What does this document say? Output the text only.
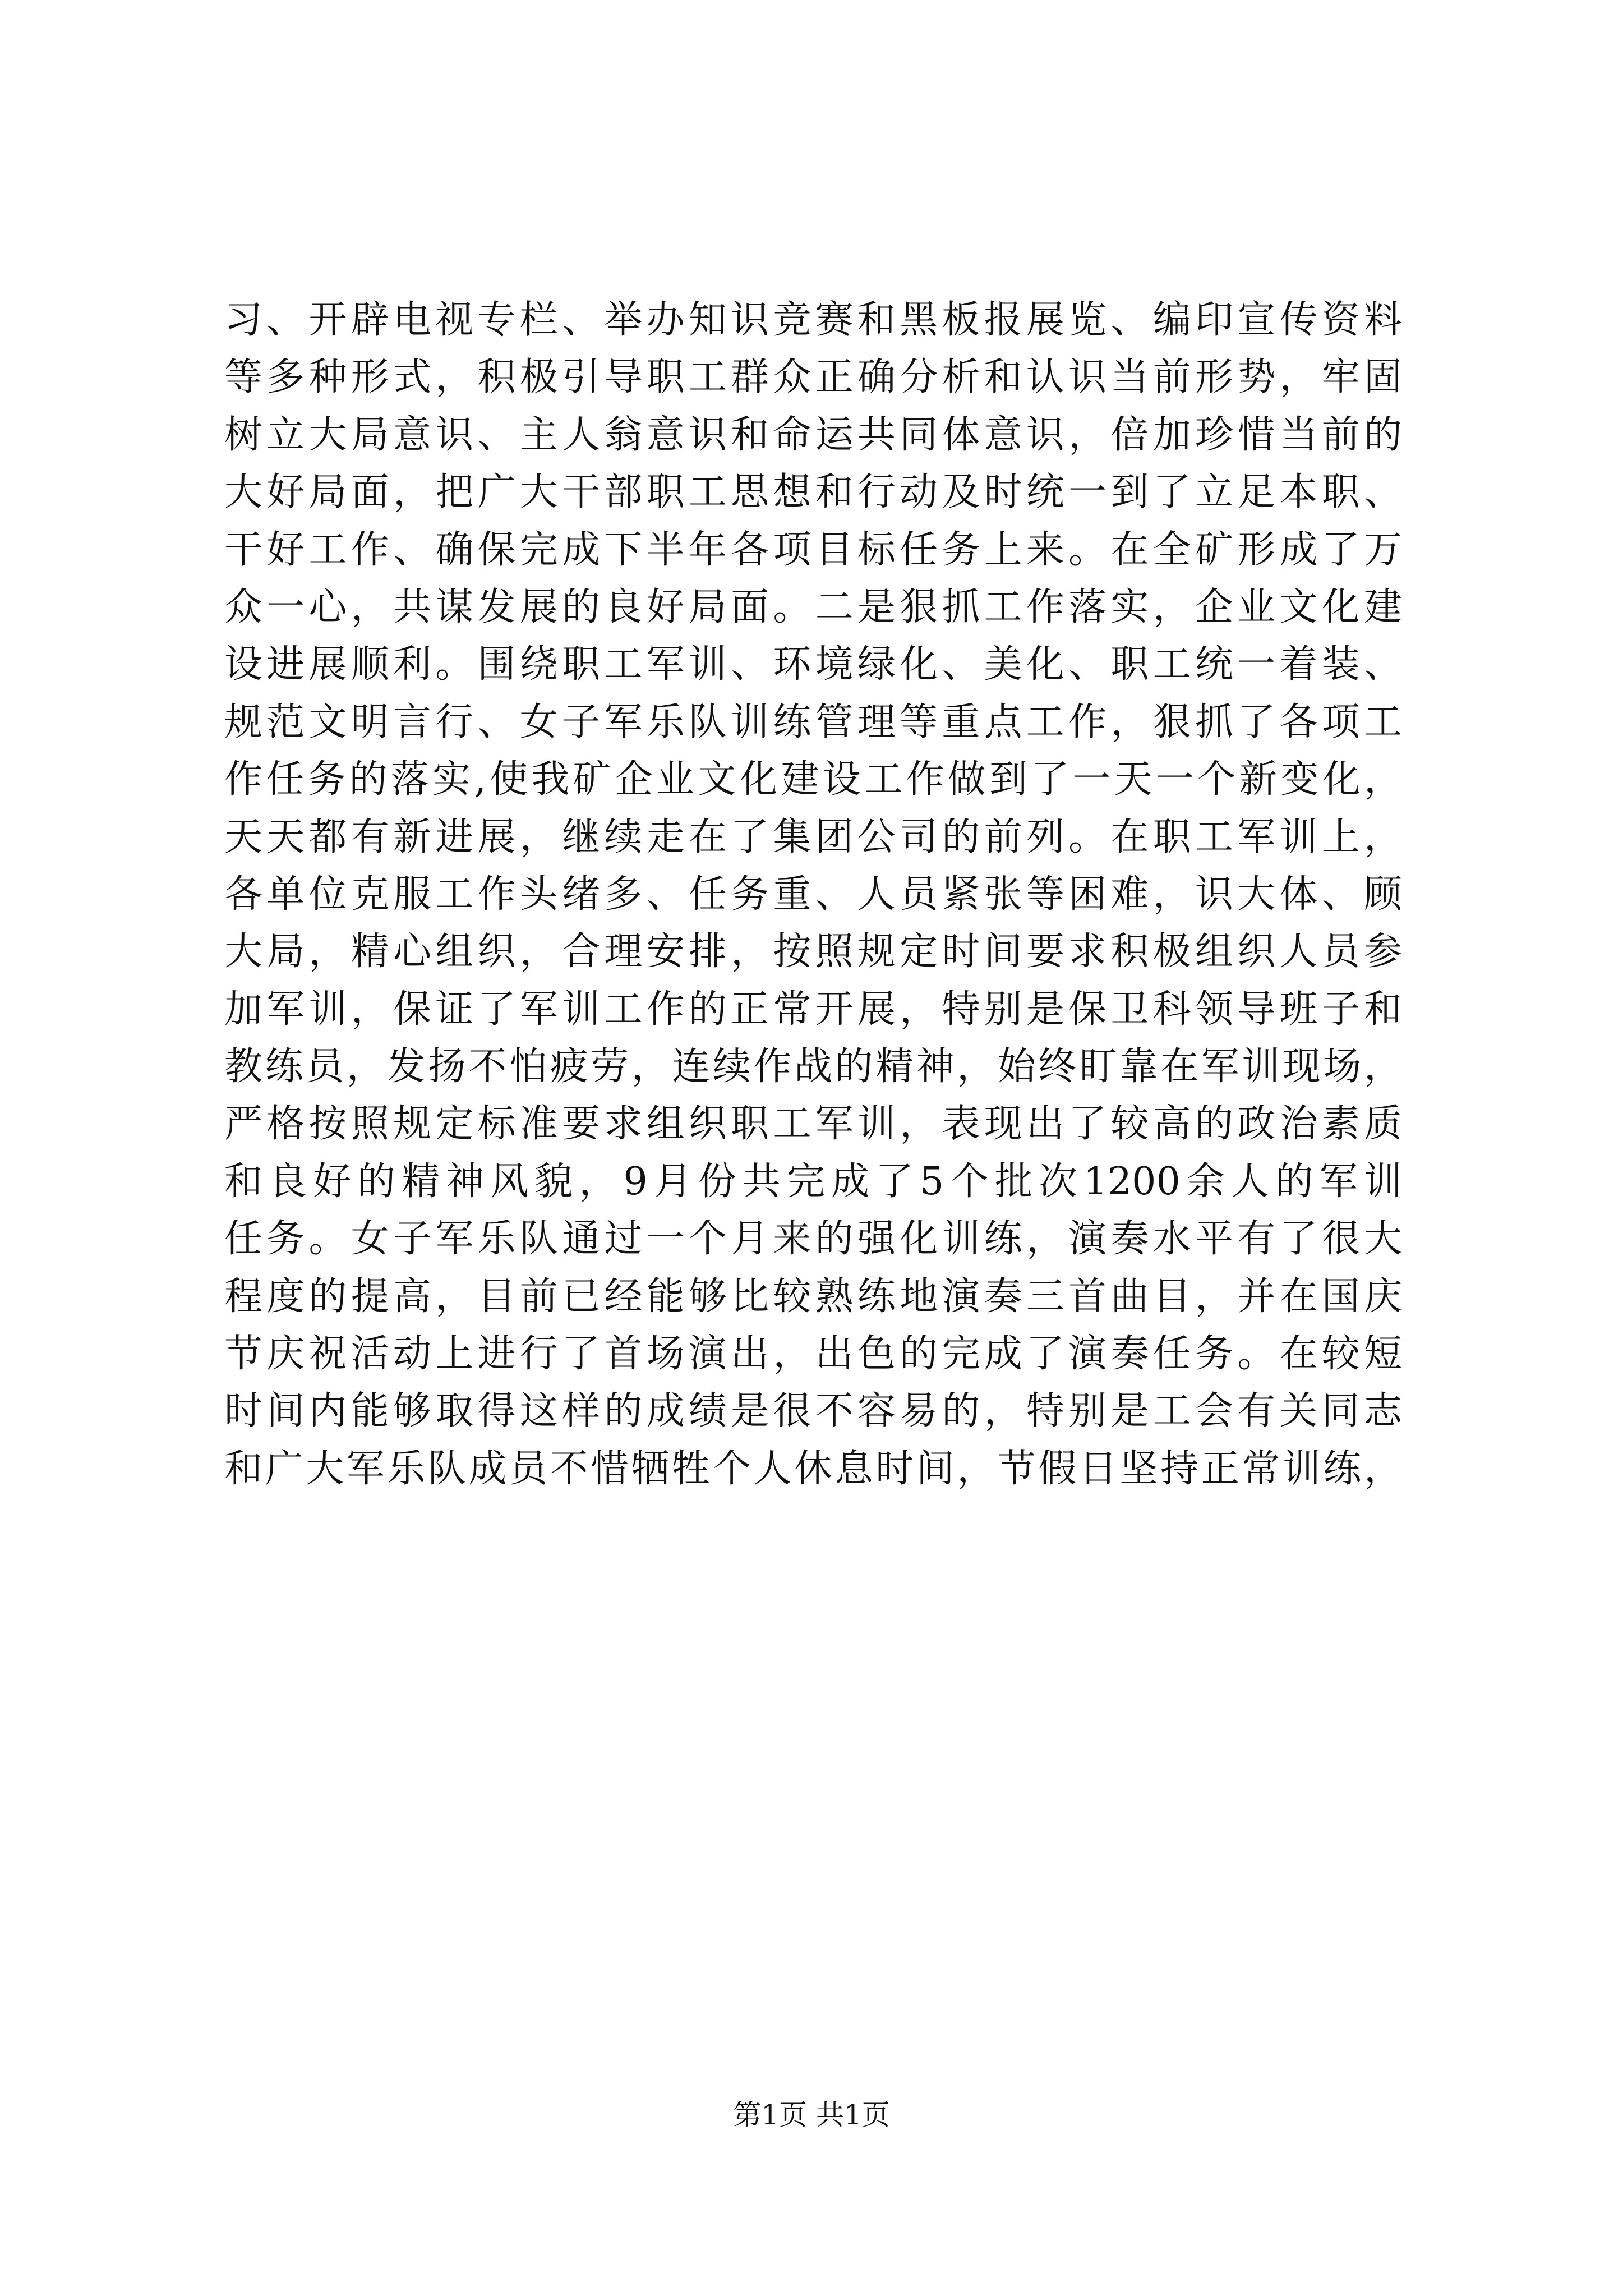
习、开辟电视专栏、举办知识竞赛和黑板报展览、编印宣传资料
等多种形式，积极引导职工群众正确分析和认识当前形势，牢固
树立大局意识、主人翁意识和命运共同体意识，倍加珍惜当前的
大好局面，把广大干部职工思想和行动及时统一到了立足本职、
干好工作、确保完成下半年各项目标任务上来。在全矿形成了万
众一心，共谋发展的良好局面。二是狠抓工作落实，企业文化建
设进展顺利。围绕职工军训、环境绿化、美化、职工统一着装、
规范文明言行、女子军乐队训练管理等重点工作，狠抓了各项工
作任务的落实,使我矿企业文化建设工作做到了一天一个新变化，
天天都有新进展，继续走在了集团公司的前列。在职工军训上，
各单位克服工作头绪多、任务重、人员紧张等困难，识大体、顾
大局，精心组织，合理安排，按照规定时间要求积极组织人员参
加军训，保证了军训工作的正常开展，特别是保卫科领导班子和
教练员，发扬不怕疲劳，连续作战的精神，始终盯靠在军训现场，
严格按照规定标准要求组织职工军训，表现出了较高的政治素质
和良好的精神风貌，9月份共完成了5个批次1200余人的军训
任务。女子军乐队通过一个月来的强化训练，演奏水平有了很大
程度的提高，目前已经能够比较熟练地演奏三首曲目，并在国庆
节庆祝活动上进行了首场演出，出色的完成了演奏任务。在较短
时间内能够取得这样的成绩是很不容易的，特别是工会有关同志
和广大军乐队成员不惜牺牲个人休息时间，节假日坚持正常训练，
第1页 共1页
